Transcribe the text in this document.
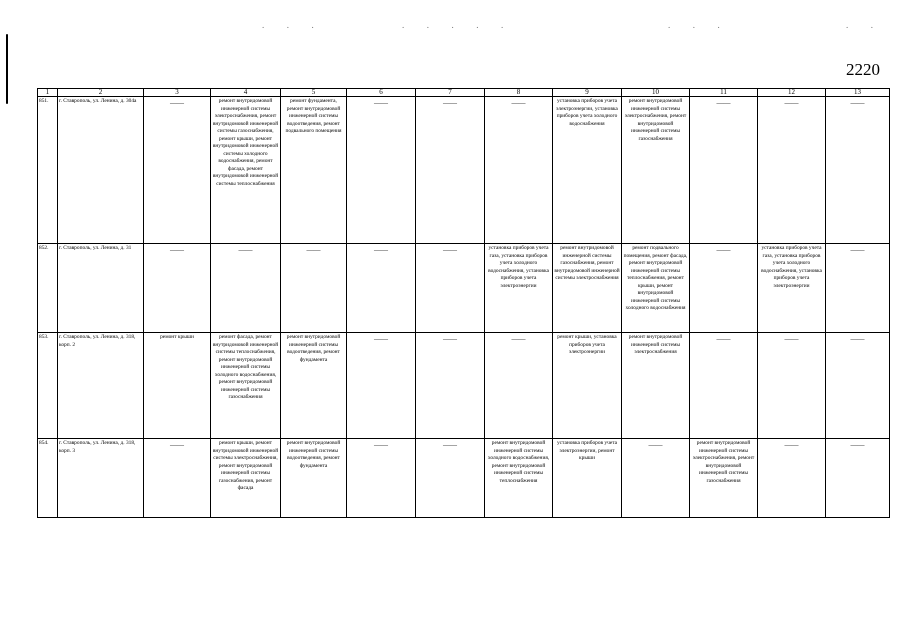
.  .  .	.  .  .  .  .	.  .  .	.  .
2220
1	2	3	4	5	6	7	8	9	10	11	12	13
851.	г. Ставрополь, ул. Ленина, д. 304а	——	ремонт внутридомовой инженерной системы электроснабжения, ремонт внутридомовой инженерной системы газоснабжения, ремонт крыши, ремонт внутридомовой инженерной системы холодного водоснабжения, ремонт фасада, ремонт внутридомовой инженерной системы теплоснабжения	ремонт фундамента, ремонт внутридомовой инженерной системы водоотведения, ремонт подвального помещения	——	——	——	установка приборов учета электроэнергии, установка приборов учета холодного водоснабжения	ремонт внутридомовой инженерной системы электроснабжения, ремонт внутридомовой инженерной системы газоснабжения	——	——	——
852.	г. Ставрополь, ул. Ленина, д. 31	——	——	——	——	——	установка приборов учета газа, установка приборов учета холодного водоснабжения, установка приборов учета электроэнергии	ремонт внутридомовой инженерной системы газоснабжения, ремонт внутридомовой инженерной системы электроснабжения	ремонт подвального помещения, ремонт фасада, ремонт внутридомовой инженерной системы теплоснабжения, ремонт крыши, ремонт внутридомовой инженерной системы холодного водоснабжения	——	установка приборов учета газа, установка приборов учета холодного водоснабжения, установка приборов учета электроэнергии	——
853.	г. Ставрополь, ул. Ленина, д. 318, корп. 2	ремонт крыши	ремонт фасада, ремонт внутридомовой инженерной системы теплоснабжения, ремонт внутридомовой инженерной системы холодного водоснабжения, ремонт внутридомовой инженерной системы газоснабжения	ремонт внутридомовой инженерной системы водоотведения, ремонт фундамента	——	——	——	ремонт крыши, установка приборов учета электроэнергии	ремонт внутридомовой инженерной системы электроснабжения	——	——	——
854.	г. Ставрополь, ул. Ленина, д. 318, корп. 3	——	ремонт крыши, ремонт внутридомовой инженерной системы электроснабжения, ремонт внутридомовой инженерной системы газоснабжения, ремонт фасада	ремонт внутридомовой инженерной системы водоотведения, ремонт фундамента	——	——	ремонт внутридомовой инженерной системы холодного водоснабжения, ремонт внутридомовой инженерной системы теплоснабжения	установка приборов учета электроэнергии, ремонт крыши	——	ремонт внутридомовой инженерной системы электроснабжения, ремонт внутридомовой инженерной системы газоснабжения	——	——
